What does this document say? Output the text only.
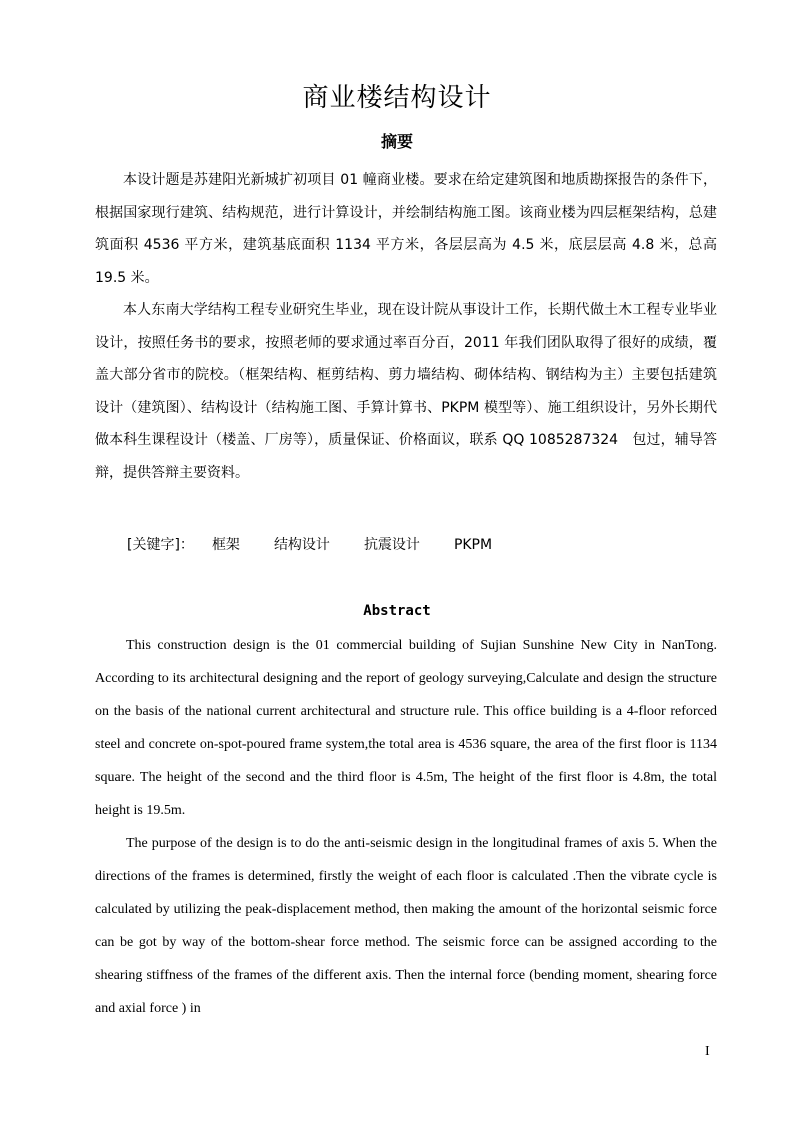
商业楼结构设计
摘要

本设计题是苏建阳光新城扩初项目 01 幢商业楼。要求在给定建筑图和地质勘探报告的条件下，根据国家现行建筑、结构规范，进行计算设计，并绘制结构施工图。该商业楼为四层框架结构，总建筑面积 4536 平方米，建筑基底面积 1134 平方米，各层层高为 4.5 米，底层层高 4.8 米，总高 19.5 米。

本人东南大学结构工程专业研究生毕业，现在设计院从事设计工作，长期代做土木工程专业毕业设计，按照任务书的要求，按照老师的要求通过率百分百，2011 年我们团队取得了很好的成绩，覆盖大部分省市的院校。（框架结构、框剪结构、剪力墙结构、砌体结构、钢结构为主）主要包括建筑设计（建筑图）、结构设计（结构施工图、手算计算书、PKPM 模型等）、施工组织设计，另外长期代做本科生课程设计（楼盖、厂房等），质量保证、价格面议，联系 QQ 1085287324　包过，辅导答辩，提供答辩主要资料。

[关键字]： 框架 结构设计 抗震设计 PKPM
Abstract

This construction design is the 01 commercial building of Sujian Sunshine New City in NanTong. According to its architectural designing and the report of geology surveying,Calculate and design the structure on the basis of the national current architectural and structure rule. This office building is a 4-floor reforced steel and concrete on-spot-poured frame system,the total area is 4536 square, the area of the first floor is 1134 square. The height of the second and the third floor is 4.5m, The height of the first floor is 4.8m, the total height is 19.5m.

The purpose of the design is to do the anti-seismic design in the longitudinal frames of axis 5. When the directions of the frames is determined, firstly the weight of each floor is calculated .Then the vibrate cycle is calculated by utilizing the peak-displacement method, then making the amount of the horizontal seismic force can be got by way of the bottom-shear force method. The seismic force can be assigned according to the shearing stiffness of the frames of the different axis. Then the internal force (bending moment, shearing force and axial force ) in

I
